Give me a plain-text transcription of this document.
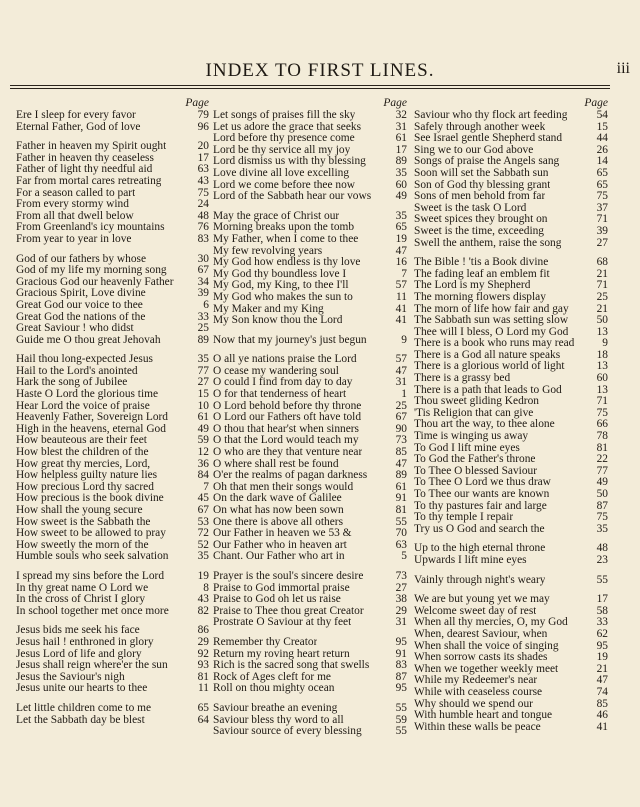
INDEX TO FIRST LINES.	iii
Page
Ere I sleep for every favor	79
Eternal Father, God of love	96
Father in heaven my Spirit ought	20
Father in heaven thy ceaseless	17
Father of light thy needful aid	63
Far from mortal cares retreating	43
For a season called to part	75
From every stormy wind	24
From all that dwell below	48
From Greenland's icy mountains	76
From year to year in love	83
God of our fathers by whose	30
God of my life my morning song	67
Gracious God our heavenly Father 34
Gracious Spirit, Love divine	39
Great God our voice to thee	6
Great God the nations of the	33
Great Saviour ! who didst	25
Guide me O thou great Jehovah	89
Hail thou long-expected Jesus	35
Hail to the Lord's anointed	77
Hark the song of Jubilee	27
Haste O Lord the glorious time	15
Hear Lord the voice of praise	10
Heavenly Father, Sovereign Lord	61
High in the heavens, eternal God	49
How beauteous are their feet	59
How blest the children of the	12
How great thy mercies, Lord,	36
How helpless guilty nature lies	84
How precious Lord thy sacred	7
How precious is the book divine	45
How shall the young secure	67
How sweet is the Sabbath the	53
How sweet to be allowed to pray	72
How sweetly the morn of the	52
Humble souls who seek salvation	35
I spread my sins before the Lord	19
In thy great name O Lord we	8
In the cross of Christ I glory	43
In school together met once more	82
Jesus bids me seek his face	86
Jesus hail ! enthroned in glory	29
Jesus Lord of life and glory	92
Jesus shall reign where'er the sun	93
Jesus the Saviour's nigh	81
Jesus unite our hearts to thee	11
Let little children come to me	65
Let the Sabbath day be blest	64
Page
Let songs of praises fill the sky	32
Let us adore the grace that seeks	31
Lord before thy presence come	61
Lord be thy service all my joy	17
Lord dismiss us with thy blessing	89
Love divine all love excelling	35
Lord we come before thee now	60
Lord of the Sabbath hear our vows 49
May the grace of Christ our	35
Morning breaks upon the tomb	65
My Father, when I come to thee	19
My few revolving years	47
My God how endless is thy love	16
My God thy boundless love I	7
My God, my King, to thee I'll	57
My God who makes the sun to	11
My Maker and my King	41
My Son know thou the Lord	41
Now that my journey's just begun	9
O all ye nations praise the Lord	57
O cease my wandering soul	47
O could I find from day to day	31
O for that tenderness of heart	1
O Lord behold before thy throne	25
O Lord our Fathers oft have told	67
O thou that hear'st when sinners	90
O that the Lord would teach my	73
O who are they that venture near	85
O where shall rest be found	47
O'er the realms of pagan darkness 89
Oh that men their songs would	61
On the dark wave of Galilee	91
On what has now been sown	81
One there is above all others	55
Our Father in heaven we 53 &	70
Our Father who in heaven art	63
Chant. Our Father who art in	5
Prayer is the soul's sincere desire	73
Praise to God immortal praise	27
Praise to God oh let us raise	38
Praise to Thee thou great Creator	29
Prostrate O Saviour at thy feet	31
Remember thy Creator	95
Return my roving heart return	91
Rich is the sacred song that swells 83
Rock of Ages cleft for me	87
Roll on thou mighty ocean	95
Saviour breathe an evening	55
Saviour bless thy word to all	59
Saviour source of every blessing	55
Page
Saviour who thy flock art feeding	54
Safely through another week	15
See Israel gentle Shepherd stand	44
Sing we to our God above	26
Songs of praise the Angels sang	14
Soon will set the Sabbath sun	65
Son of God thy blessing grant	65
Sons of men behold from far	75
Sweet is the task O Lord	37
Sweet spices they brought on	71
Sweet is the time, exceeding	39
Swell the anthem, raise the song	27
The Bible ! 'tis a Book divine	68
The fading leaf an emblem fit	21
The Lord is my Shepherd	71
The morning flowers display	25
The morn of life how fair and gay 21
The Sabbath sun was setting slow	50
Thee will I bless, O Lord my God 13
There is a book who runs may read 9
There is a God all nature speaks	18
There is a glorious world of light	13
There is a grassy bed	60
There is a path that leads to God	13
Thou sweet gliding Kedron	71
'Tis Religion that can give	75
Thou art the way, to thee alone	66
Time is winging us away	78
To God I lift mine eyes	81
To God the Father's throne	22
To Thee O blessed Saviour	77
To Thee O Lord we thus draw	49
To Thee our wants are known	50
To thy pastures fair and large	87
To thy temple I repair	75
Try us O God and search the	35
Up to the high eternal throne	48
Upwards I lift mine eyes	23
Vainly through night's weary	55
We are but young yet we may	17
Welcome sweet day of rest	58
When all thy mercies, O, my God	33
When, dearest Saviour, when	62
When shall the voice of singing	95
When sorrow casts its shades	19
When we together weekly meet	21
While my Redeemer's near	47
While with ceaseless course	74
Why should we spend our	85
With humble heart and tongue	46
Within these walls be peace	41
